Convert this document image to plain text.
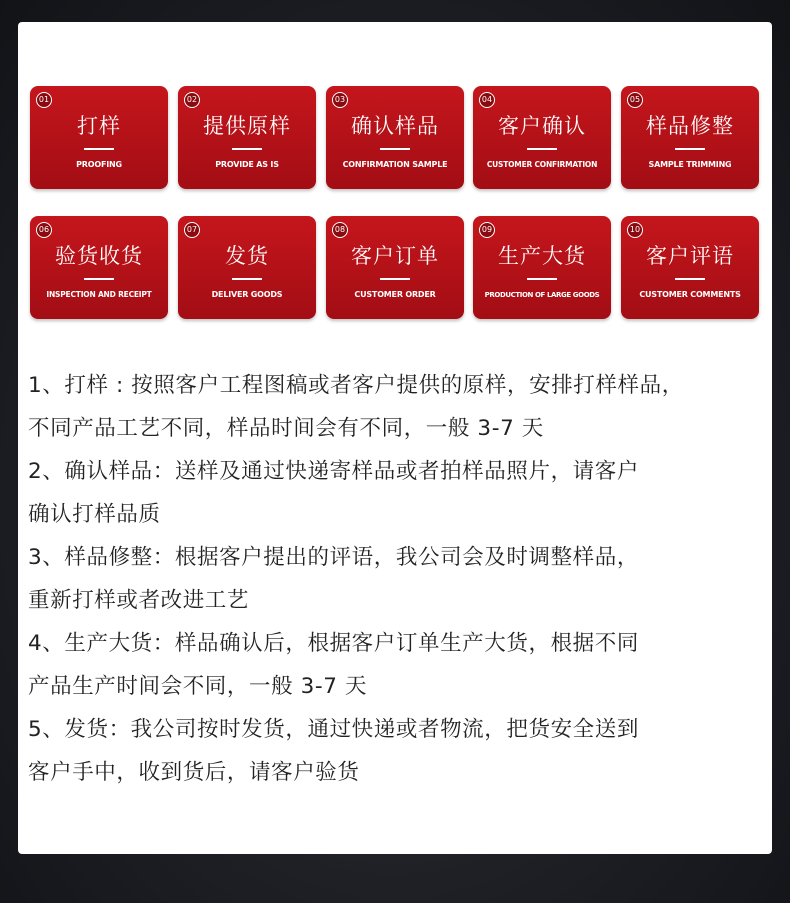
01
打样
PROOFING
02
提供原样
PROVIDE AS IS
03
确认样品
CONFIRMATION SAMPLE
04
客户确认
CUSTOMER CONFIRMATION
05
样品修整
SAMPLE TRIMMING
06
验货收货
INSPECTION AND RECEIPT
07
发货
DELIVER GOODS
08
客户订单
CUSTOMER ORDER
09
生产大货
PRODUCTION OF LARGE GOODS
10
客户评语
CUSTOMER COMMENTS

1、打样 : 按照客户工程图稿或者客户提供的原样，安排打样样品，

不同产品工艺不同，样品时间会有不同，一般 3-7 天

2、确认样品：送样及通过快递寄样品或者拍样品照片，请客户

确认打样品质

3、样品修整：根据客户提出的评语，我公司会及时调整样品，

重新打样或者改进工艺

4、生产大货：样品确认后，根据客户订单生产大货，根据不同

产品生产时间会不同，一般 3-7 天

5、发货：我公司按时发货，通过快递或者物流，把货安全送到

客户手中，收到货后，请客户验货
